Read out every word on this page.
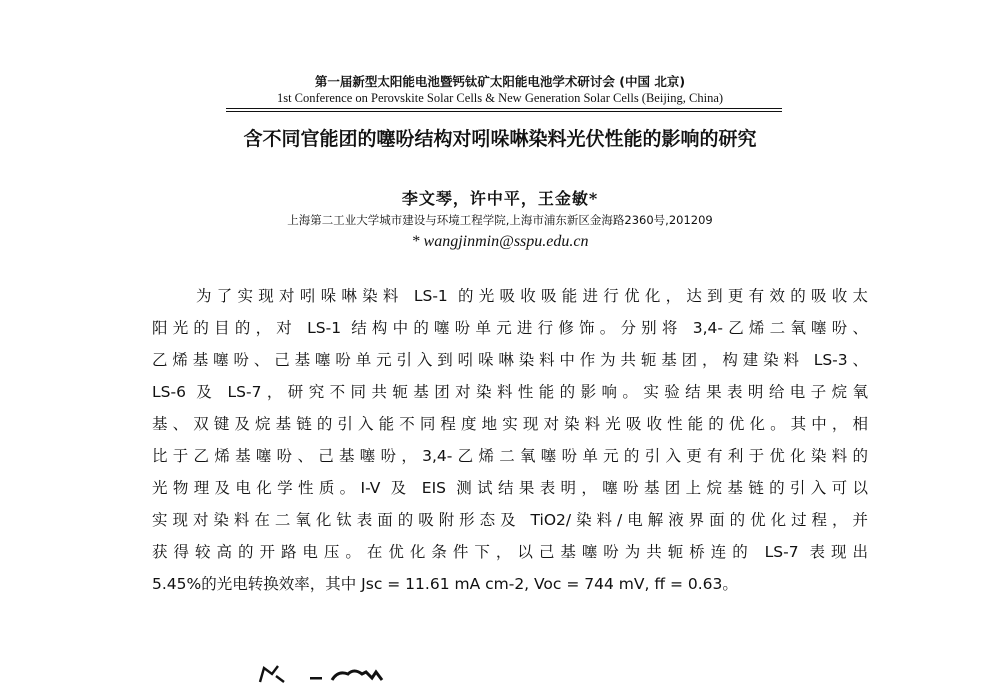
第一届新型太阳能电池暨钙钛矿太阳能电池学术研讨会 (中国 北京)
1st Conference on Perovskite Solar Cells & New Generation Solar Cells (Beijing, China)
含不同官能团的噻吩结构对吲哚啉染料光伏性能的影响的研究
李文琴，许中平，王金敏*
上海第二工业大学城市建设与环境工程学院,上海市浦东新区金海路2360号,201209
* wangjinmin@sspu.edu.cn
为了实现对吲哚啉染料 LS-1 的光吸收吸能进行优化，达到更有效的吸收太
阳光的目的，对 LS-1 结构中的噻吩单元进行修饰。分别将 3,4-乙烯二氧噻吩、
乙烯基噻吩、己基噻吩单元引入到吲哚啉染料中作为共轭基团，构建染料 LS-3、
LS-6 及 LS-7，研究不同共轭基团对染料性能的影响。实验结果表明给电子烷氧
基、双键及烷基链的引入能不同程度地实现对染料光吸收性能的优化。其中，相
比于乙烯基噻吩、己基噻吩，3,4-乙烯二氧噻吩单元的引入更有利于优化染料的
光物理及电化学性质。I-V 及 EIS 测试结果表明，噻吩基团上烷基链的引入可以
实现对染料在二氧化钛表面的吸附形态及 TiO2/染料/电解液界面的优化过程，并
获得较高的开路电压。在优化条件下，以己基噻吩为共轭桥连的 LS-7 表现出
5.45%的光电转换效率，其中 Jsc = 11.61 mA cm-2, Voc = 744 mV, ff = 0.63。
